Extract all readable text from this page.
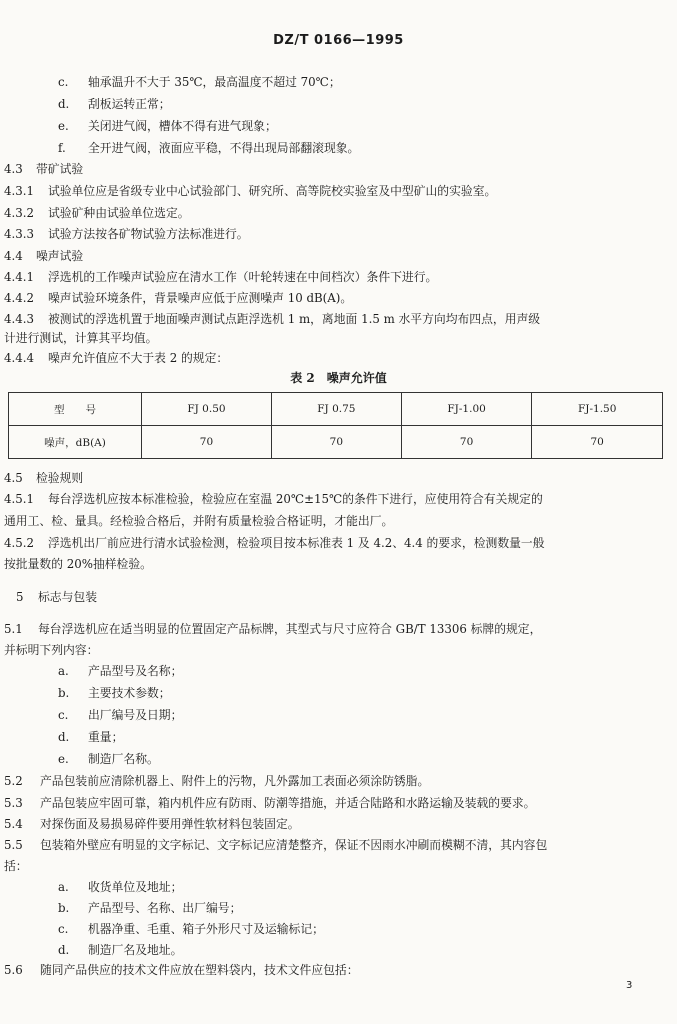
DZ/T 0166—1995
c. 轴承温升不大于 35℃，最高温度不超过 70℃；
d. 刮板运转正常；
e. 关闭进气阀，槽体不得有进气现象；
f. 全开进气阀，液面应平稳，不得出现局部翻滚现象。
4.3 带矿试验
4.3.1 试验单位应是省级专业中心试验部门、研究所、高等院校实验室及中型矿山的实验室。
4.3.2 试验矿种由试验单位选定。
4.3.3 试验方法按各矿物试验方法标准进行。
4.4 噪声试验
4.4.1 浮选机的工作噪声试验应在清水工作（叶轮转速在中间档次）条件下进行。
4.4.2 噪声试验环境条件，背景噪声应低于应测噪声 10 dB(A)。
4.4.3 被测试的浮选机置于地面噪声测试点距浮选机 1 m，离地面 1.5 m 水平方向均布四点，用声级
计进行测试，计算其平均值。
4.4.4 噪声允许值应不大于表 2 的规定：
表 2　噪声允许值
型　　号	FJ 0.50	FJ 0.75	FJ-1.00	FJ-1.50
噪声，dB(A)	70	70	70	70
4.5 检验规则
4.5.1 每台浮选机应按本标准检验，检验应在室温 20℃±15℃的条件下进行，应使用符合有关规定的
通用工、检、量具。经检验合格后，并附有质量检验合格证明，才能出厂。
4.5.2 浮选机出厂前应进行清水试验检测，检验项目按本标准表 1 及 4.2、4.4 的要求，检测数量一般
按批量数的 20%抽样检验。
5 标志与包装
5.1 每台浮选机应在适当明显的位置固定产品标牌，其型式与尺寸应符合 GB/T 13306 标牌的规定，
并标明下列内容：
a. 产品型号及名称；
b. 主要技术参数；
c. 出厂编号及日期；
d. 重量；
e. 制造厂名称。
5.2 产品包装前应清除机器上、附件上的污物，凡外露加工表面必须涂防锈脂。
5.3 产品包装应牢固可靠，箱内机件应有防雨、防潮等措施，并适合陆路和水路运输及装载的要求。
5.4 对探伤面及易损易碎件要用弹性软材料包装固定。
5.5 包装箱外壁应有明显的文字标记、文字标记应清楚整齐，保证不因雨水冲刷而模糊不清，其内容包
括：
a. 收货单位及地址；
b. 产品型号、名称、出厂编号；
c. 机器净重、毛重、箱子外形尺寸及运输标记；
d. 制造厂名及地址。
5.6 随同产品供应的技术文件应放在塑料袋内，技术文件应包括：
3
